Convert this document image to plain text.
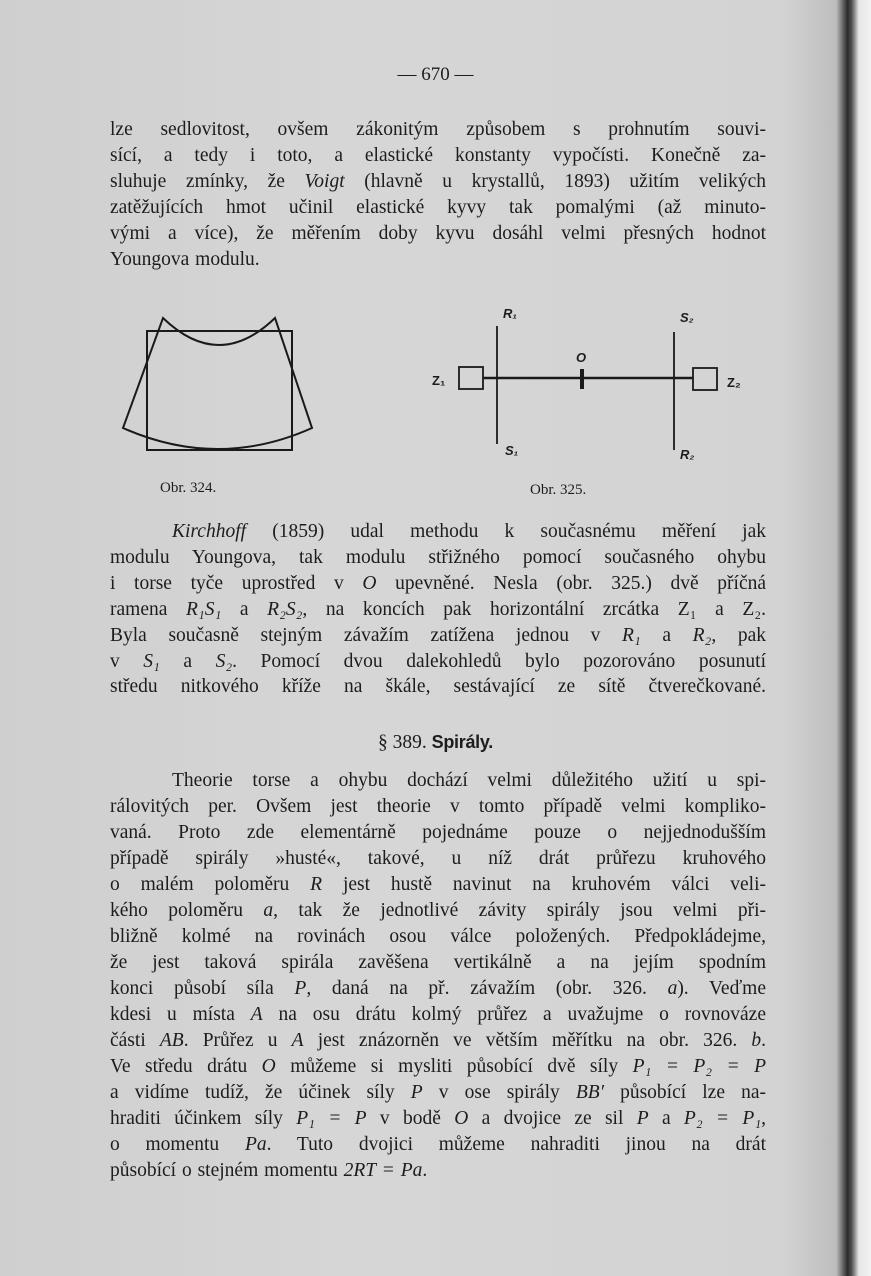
— 670 —
lze sedlovitost, ovšem zákonitým způsobem s prohnutím souvi-
sící, a tedy i toto, a elastické konstanty vypočísti. Konečně za-
sluhuje zmínky, že Voigt (hlavně u krystallů, 1893) užitím velikých
zatěžujících hmot učinil elastické kyvy tak pomalými (až minuto-
vými a více), že měřením doby kyvu dosáhl velmi přesných hodnot
Youngova modulu.
Kirchhoff (1859) udal methodu k současnému měření jak
modulu Youngova, tak modulu střižného pomocí současného ohybu
i torse tyče uprostřed v O upevněné. Nesla (obr. 325.) dvě příčná
ramena R₁S₁ a R₂S₂, na koncích pak horizontální zrcátka Z₁ a Z₂.
Byla současně stejným závažím zatížena jednou v R₁ a R₂, pak
v S₁ a S₂. Pomocí dvou dalekohledů bylo pozorováno posunutí
středu nitkového kříže na škále, sestávající ze sítě čtverečkované.
Theorie torse a ohybu dochází velmi důležitého užití u spi-
rálovitých per. Ovšem jest theorie v tomto případě velmi kompliko-
vaná. Proto zde elementárně pojednáme pouze o nejjednodušším
případě spirály »husté«, takové, u níž drát průřezu kruhového
o malém poloměru R jest hustě navinut na kruhovém válci veli-
kého poloměru a, tak že jednotlivé závity spirály jsou velmi při-
bližně kolmé na rovinách osou válce položených. Předpokládejme,
že jest taková spirála zavěšena vertikálně a na jejím spodním
konci působí síla P, daná na př. závažím (obr. 326. a). Veďme
kdesi u místa A na osu drátu kolmý průřez a uvažujme o rovnováze
části AB. Průřez u A jest znázorněn ve větším měřítku na obr. 326. b.
Ve středu drátu O můžeme si mysliti působící dvě síly P₁ = P₂ = P
a vidíme tudíž, že účinek síly P v ose spirály BB′ působící lze na-
hraditi účinkem síly P₁ = P v bodě O a dvojice ze sil P a P₂ = P₁,
o momentu Pa. Tuto dvojici můžeme nahraditi jinou na drát
působící o stejném momentu 2RT = Pa.
§ 389. Spirály.
Obr. 324.
R₁	S₂
O
Z₁	Z₂
S₁	R₂
Obr. 325.
